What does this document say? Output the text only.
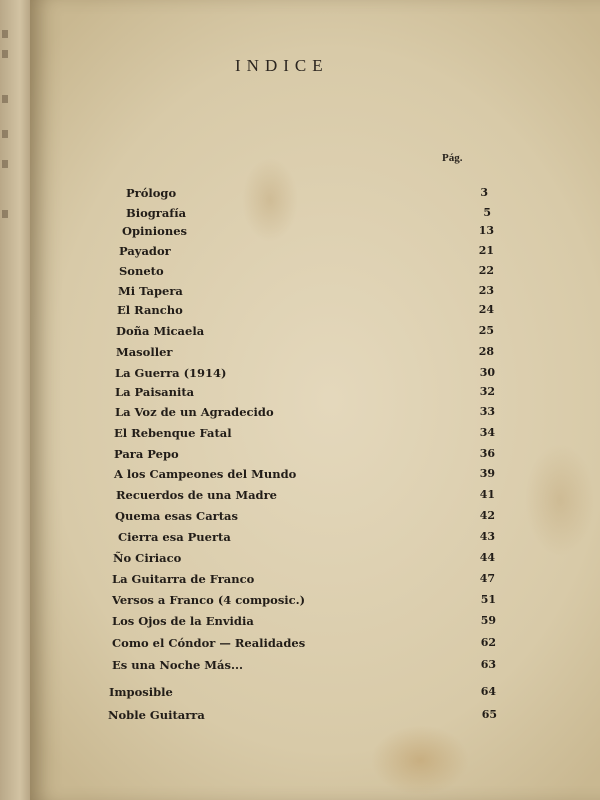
INDICE
Pág.
Prólogo	3
Biografía	5
Opiniones	13
Payador	21
Soneto	22
Mi Tapera	23
El Rancho	24
Doña Micaela	25
Masoller	28
La Guerra (1914)	30
La Paisanita	32
La Voz de un Agradecido	33
El Rebenque Fatal	34
Para Pepo	36
A los Campeones del Mundo	39
Recuerdos de una Madre	41
Quema esas Cartas	42
Cierra esa Puerta	43
Ño Ciriaco	44
La Guitarra de Franco	47
Versos a Franco (4 composic.)	51
Los Ojos de la Envidia	59
Como el Cóndor — Realidades	62
Es una Noche Más...	63
Imposible	64
Noble Guitarra	65
